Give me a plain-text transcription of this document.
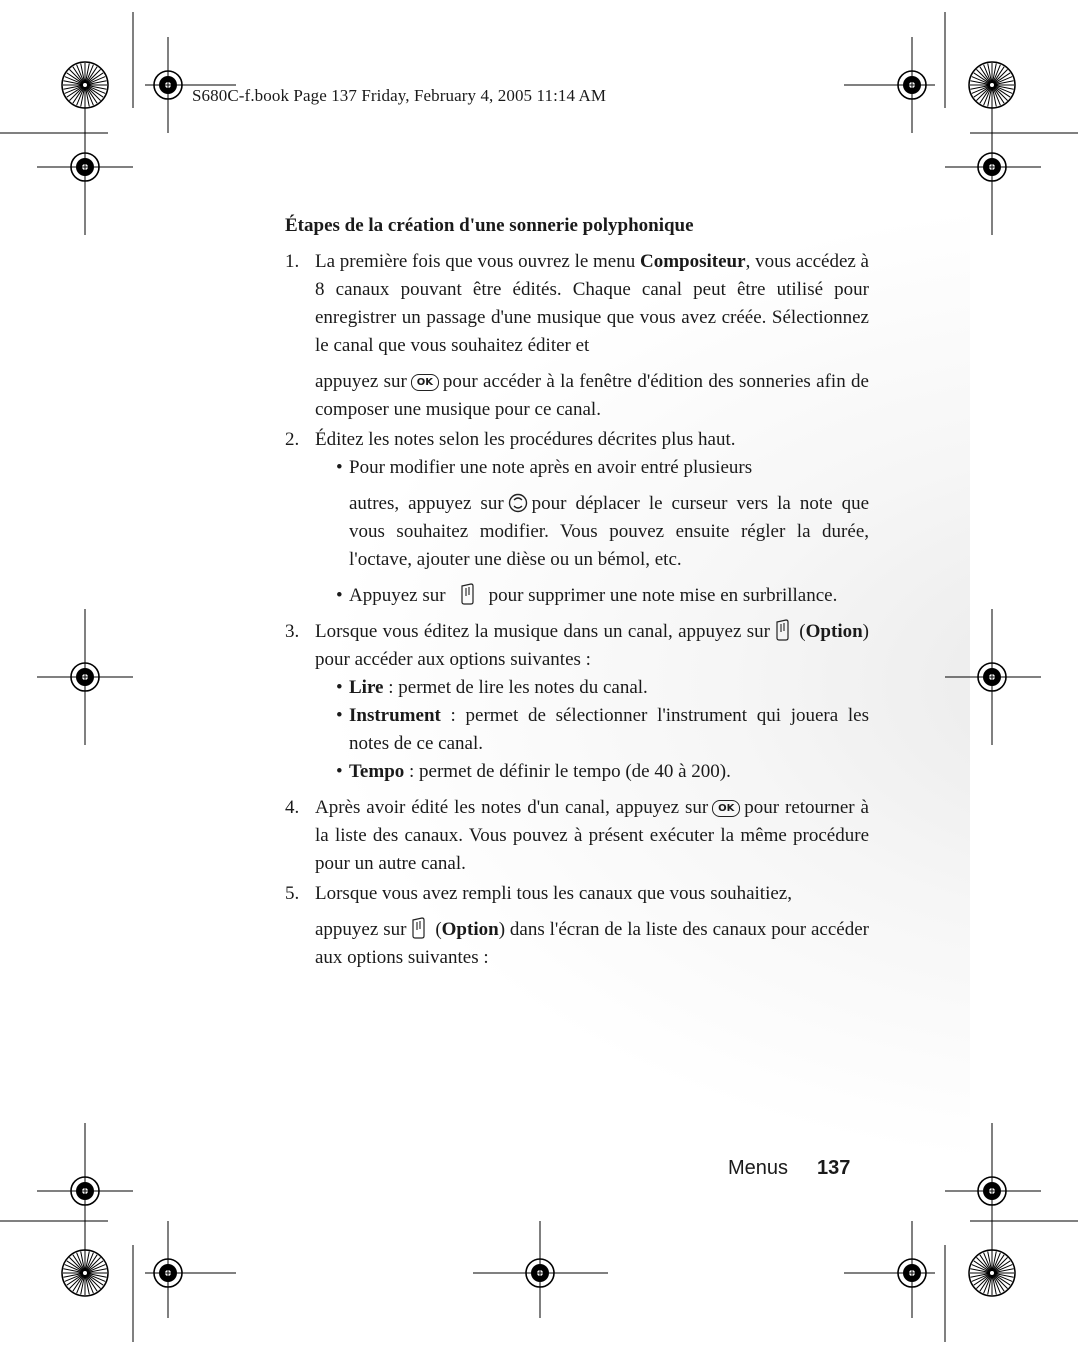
S680C-f.book Page 137 Friday, February 4, 2005 11:14 AM
Étapes de la création d'une sonnerie polyphonique
1. La première fois que vous ouvrez le menu Compositeur, vous accédez à 8 canaux pouvant être édités. Chaque canal peut être utilisé pour enregistrer un passage d'une musique que vous avez créée. Sélectionnez le canal que vous souhaitez éditer et

appuyez sur OK pour accéder à la fenêtre d'édition des sonneries afin de composer une musique pour ce canal.

2. Éditez les notes selon les procédures décrites plus haut.

• Pour modifier une note après en avoir entré plusieurs

autres, appuyez sur pour déplacer le curseur vers la note que vous souhaitez modifier. Vous pouvez ensuite régler la durée, l'octave, ajouter une dièse ou un bémol, etc.

• Appuyez sur pour supprimer une note mise en surbrillance.

3. Lorsque vous éditez la musique dans un canal, appuyez sur (Option) pour accéder aux options suivantes :

• Lire : permet de lire les notes du canal.

• Instrument : permet de sélectionner l'instrument qui jouera les notes de ce canal.

• Tempo : permet de définir le tempo (de 40 à 200).

4. Après avoir édité les notes d'un canal, appuyez sur OK pour retourner à la liste des canaux. Vous pouvez à présent exécuter la même procédure pour un autre canal.

5. Lorsque vous avez rempli tous les canaux que vous souhaitiez,

appuyez sur (Option) dans l'écran de la liste des canaux pour accéder aux options suivantes :

Menus 137
